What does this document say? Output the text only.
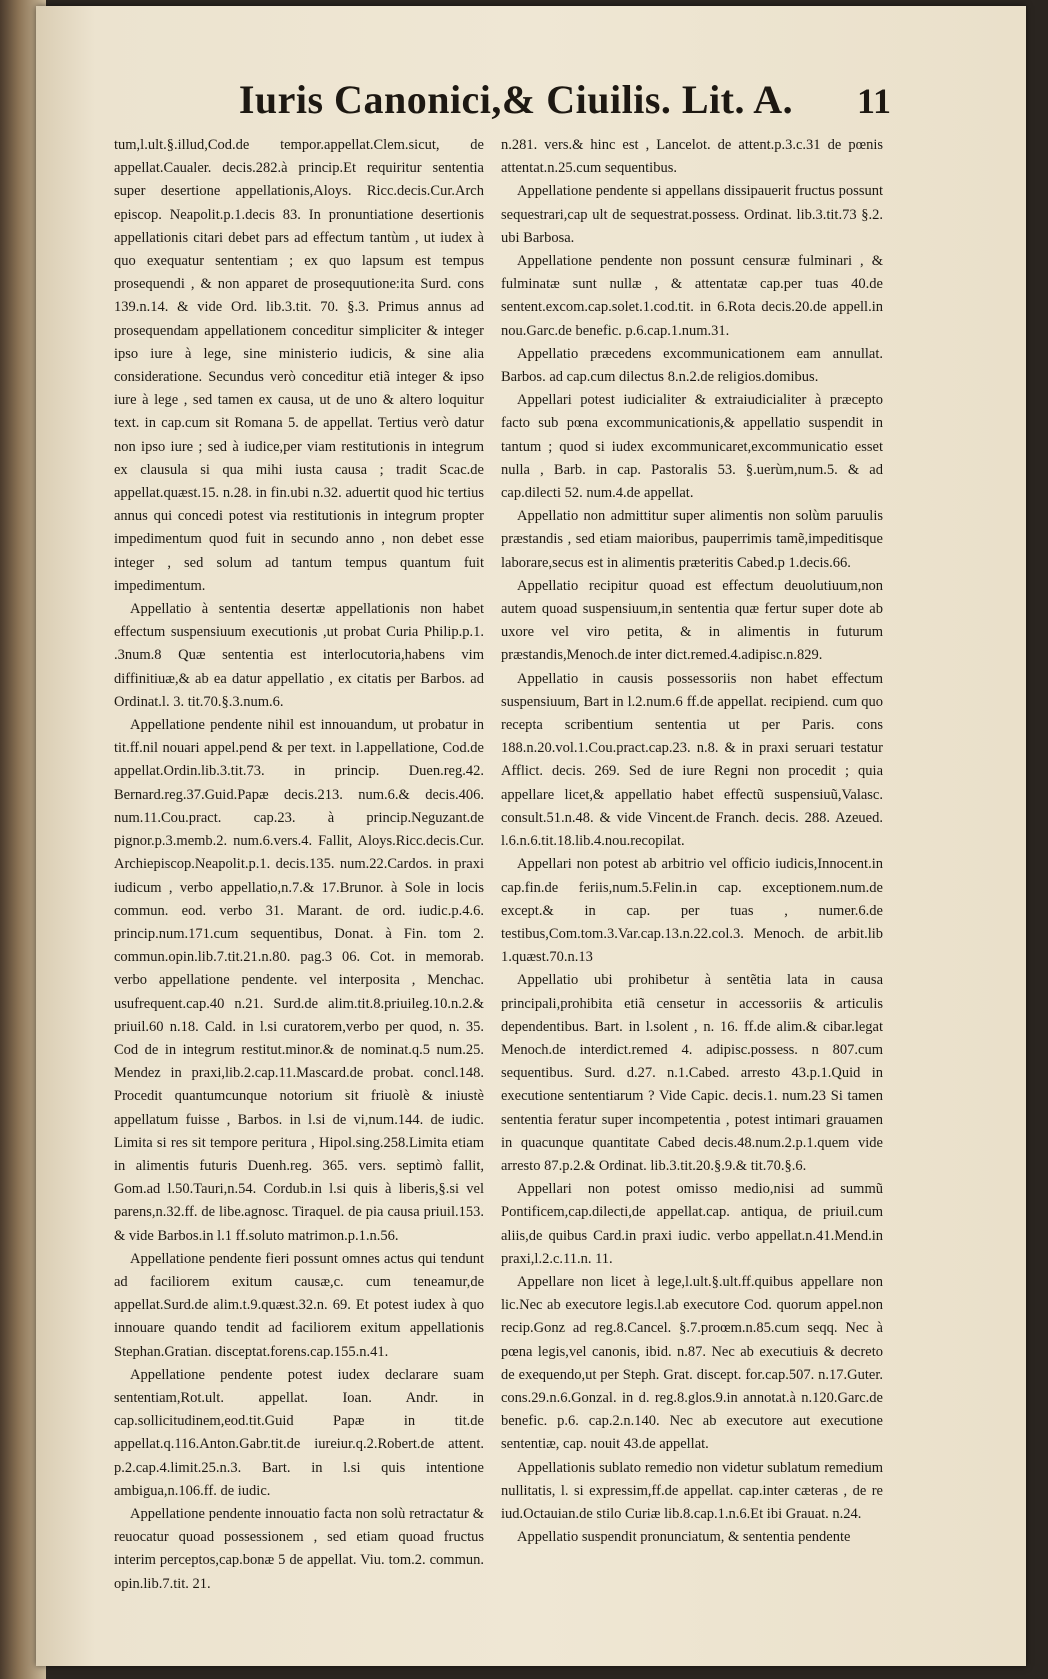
Iuris Canonici,& Ciuilis. Lit. A. 11

tum,l.ult.§.illud,Cod.de tempor.appellat.Clem.sicut, de appellat.Caualer. decis.282.à princip.Et requiritur sententia super desertione appellationis,Aloys. Ricc.decis.Cur.Arch episcop. Neapolit.p.1.decis 83. In pronuntiatione desertionis appellationis citari debet pars ad effectum tantùm , ut iudex à quo exequatur sententiam ; ex quo lapsum est tempus prosequendi , & non apparet de prosequutione:ita Surd. cons 139.n.14. & vide Ord. lib.3.tit. 70. §.3. Primus annus ad prosequendam appellationem conceditur simpliciter & integer ipso iure à lege, sine ministerio iudicis, & sine alia consideratione. Secundus verò conceditur etiã integer & ipso iure à lege , sed tamen ex causa, ut de uno & altero loquitur text. in cap.cum sit Romana 5. de appellat. Tertius verò datur non ipso iure ; sed à iudice,per viam restitutionis in integrum ex clausula si qua mihi iusta causa ; tradit Scac.de appellat.quæst.15. n.28. in fin.ubi n.32. aduertit quod hic tertius annus qui concedi potest via restitutionis in integrum propter impedimentum quod fuit in secundo anno , non debet esse integer , sed solum ad tantum tempus quantum fuit impedimentum.

Appellatio à sententia desertæ appellationis non habet effectum suspensiuum executionis ,ut probat Curia Philip.p.1. .3num.8 Quæ sententia est interlocutoria,habens vim diffinitiuæ,& ab ea datur appellatio , ex citatis per Barbos. ad Ordinat.l. 3. tit.70.§.3.num.6.

Appellatione pendente nihil est innouandum, ut probatur in tit.ff.nil nouari appel.pend & per text. in l.appellatione, Cod.de appellat.Ordin.lib.3.tit.73. in princip. Duen.reg.42. Bernard.reg.37.Guid.Papæ decis.213. num.6.& decis.406. num.11.Cou.pract. cap.23. à princip.Neguzant.de pignor.p.3.memb.2. num.6.vers.4. Fallit, Aloys.Ricc.decis.Cur. Archiepiscop.Neapolit.p.1. decis.135. num.22.Cardos. in praxi iudicum , verbo appellatio,n.7.& 17.Brunor. à Sole in locis commun. eod. verbo 31. Marant. de ord. iudic.p.4.6. princip.num.171.cum sequentibus, Donat. à Fin. tom 2. commun.opin.lib.7.tit.21.n.80. pag.3 06. Cot. in memorab. verbo appellatione pendente. vel interposita , Menchac. usufrequent.cap.40 n.21. Surd.de alim.tit.8.priuileg.10.n.2.& priuil.60 n.18. Cald. in l.si curatorem,verbo per quod, n. 35. Cod de in integrum restitut.minor.& de nominat.q.5 num.25. Mendez in praxi,lib.2.cap.11.Mascard.de probat. concl.148. Procedit quantumcunque notorium sit friuolè & iniustè appellatum fuisse , Barbos. in l.si de vi,num.144. de iudic. Limita si res sit tempore peritura , Hipol.sing.258.Limita etiam in alimentis futuris Duenh.reg. 365. vers. septimò fallit, Gom.ad l.50.Tauri,n.54. Cordub.in l.si quis à liberis,§.si vel parens,n.32.ff. de libe.agnosc. Tiraquel. de pia causa priuil.153. & vide Barbos.in l.1 ff.soluto matrimon.p.1.n.56.

Appellatione pendente fieri possunt omnes actus qui tendunt ad faciliorem exitum causæ,c. cum teneamur,de appellat.Surd.de alim.t.9.quæst.32.n. 69. Et potest iudex à quo innouare quando tendit ad faciliorem exitum appellationis Stephan.Gratian. disceptat.forens.cap.155.n.41.

Appellatione pendente potest iudex declarare suam sententiam,Rot.ult. appellat. Ioan. Andr. in cap.sollicitudinem,eod.tit.Guid Papæ in tit.de appellat.q.116.Anton.Gabr.tit.de iureiur.q.2.Robert.de attent. p.2.cap.4.limit.25.n.3. Bart. in l.si quis intentione ambigua,n.106.ff. de iudic.

Appellatione pendente innouatio facta non solù retractatur & reuocatur quoad possessionem , sed etiam quoad fructus interim perceptos,cap.bonæ 5 de appellat. Viu. tom.2. commun. opin.lib.7.tit. 21.

n.281. vers.& hinc est , Lancelot. de attent.p.3.c.31 de pœnis attentat.n.25.cum sequentibus.

Appellatione pendente si appellans dissipauerit fructus possunt sequestrari,cap ult de sequestrat.possess. Ordinat. lib.3.tit.73 §.2. ubi Barbosa.

Appellatione pendente non possunt censuræ fulminari , & fulminatæ sunt nullæ , & attentatæ cap.per tuas 40.de sentent.excom.cap.solet.1.cod.tit. in 6.Rota decis.20.de appell.in nou.Garc.de benefic. p.6.cap.1.num.31.

Appellatio præcedens excommunicationem eam annullat. Barbos. ad cap.cum dilectus 8.n.2.de religios.domibus.

Appellari potest iudicialiter & extraiudicialiter à præcepto facto sub pœna excommunicationis,& appellatio suspendit in tantum ; quod si iudex excommunicaret,excommunicatio esset nulla , Barb. in cap. Pastoralis 53. §.uerùm,num.5. & ad cap.dilecti 52. num.4.de appellat.

Appellatio non admittitur super alimentis non solùm paruulis præstandis , sed etiam maioribus, pauperrimis tamẽ,impeditisque laborare,secus est in alimentis præteritis Cabed.p 1.decis.66.

Appellatio recipitur quoad est effectum deuolutiuum,non autem quoad suspensiuum,in sententia quæ fertur super dote ab uxore vel viro petita, & in alimentis in futurum præstandis,Menoch.de inter dict.remed.4.adipisc.n.829.

Appellatio in causis possessoriis non habet effectum suspensiuum, Bart in l.2.num.6 ff.de appellat. recipiend. cum quo recepta scribentium sententia ut per Paris. cons 188.n.20.vol.1.Cou.pract.cap.23. n.8. & in praxi seruari testatur Afflict. decis. 269. Sed de iure Regni non procedit ; quia appellare licet,& appellatio habet effectũ suspensiuũ,Valasc. consult.51.n.48. & vide Vincent.de Franch. decis. 288. Azeued. l.6.n.6.tit.18.lib.4.nou.recopilat.

Appellari non potest ab arbitrio vel officio iudicis,Innocent.in cap.fin.de feriis,num.5.Felin.in cap. exceptionem.num.de except.& in cap. per tuas , numer.6.de testibus,Com.tom.3.Var.cap.13.n.22.col.3. Menoch. de arbit.lib 1.quæst.70.n.13

Appellatio ubi prohibetur à sentẽtia lata in causa principali,prohibita etiã censetur in accessoriis & articulis dependentibus. Bart. in l.solent , n. 16. ff.de alim.& cibar.legat Menoch.de interdict.remed 4. adipisc.possess. n 807.cum sequentibus. Surd. d.27. n.1.Cabed. arresto 43.p.1.Quid in executione sententiarum ? Vide Capic. decis.1. num.23 Si tamen sententia feratur super incompetentia , potest intimari grauamen in quacunque quantitate Cabed decis.48.num.2.p.1.quem vide arresto 87.p.2.& Ordinat. lib.3.tit.20.§.9.& tit.70.§.6.

Appellari non potest omisso medio,nisi ad summũ Pontificem,cap.dilecti,de appellat.cap. antiqua, de priuil.cum aliis,de quibus Card.in praxi iudic. verbo appellat.n.41.Mend.in praxi,l.2.c.11.n. 11.

Appellare non licet à lege,l.ult.§.ult.ff.quibus appellare non lic.Nec ab executore legis.l.ab executore Cod. quorum appel.non recip.Gonz ad reg.8.Cancel. §.7.proœm.n.85.cum seqq. Nec à pœna legis,vel canonis, ibid. n.87. Nec ab executiuis & decreto de exequendo,ut per Steph. Grat. discept. for.cap.507. n.17.Guter. cons.29.n.6.Gonzal. in d. reg.8.glos.9.in annotat.à n.120.Garc.de benefic. p.6. cap.2.n.140. Nec ab executore aut executione sententiæ, cap. nouit 43.de appellat.

Appellationis sublato remedio non videtur sublatum remedium nullitatis, l. si expressim,ff.de appellat. cap.inter cæteras , de re iud.Octauian.de stilo Curiæ lib.8.cap.1.n.6.Et ibi Grauat. n.24.

Appellatio suspendit pronunciatum, & sententia pendente
